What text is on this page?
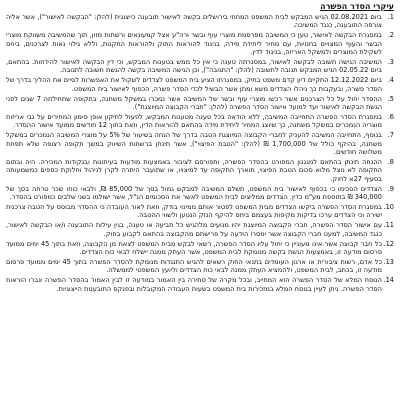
עיקרי הסדר הפשרה
1.
ביום 02.08.2021 הגיש המבקש לבית המשפט המחוזי בירושלים בקשה לאישור תובענה כייצוגית (להלן: "הבקשה לאישור"), אשר אליה צורפה התובענה, כנגד המשיבה.
2.
במסגרת הבקשה לאישור, טען כי המשיבה מפרסמת מוצרי עוף ובשר ורה"ע אצל קמעונאים ורשתות מזון, תוך שהמשיבה משווקת מוצרי הבשר והעוף המצויים בחנויות, עם מחיר ליחידת מידה, בניגוד להוראות החוק ולהוראות התקנות, וללא גילוי נאות לצרכנים, ביחס לשקילת המוצרים ולמשקל האריזה, בניגוד לדין.
3.
המשיבה הגישה תשובה לבקשה לאישור, במסגרתה טענה כי אין כל ממש בטענות המבקש, וכי דין הבקשה לאישור להידחות. בהתאם, ביום 02.05.22 הגיש המבקש תגובה לתשובה (להלן: "התגובה"), וכן הגישה המשיבה בקשה להגשת תשובה לתגובה.
4.
ביום 12.12.2022 התקיים דיון קדם משפט בתיק, במסגרתו הציע בית המשפט לצדדים לשקול את האפשרות לסיים את ההליך בדרך של הסדר פשרה, ובעקבות כך ניהלו הצדדים משא ומתן אשר הבשיל לכדי הסדר פשרה, הכפוף לאישור בית המשפט.
5.
ההסדר יחול על כל הצרכנים אשר רכשו מוצרי עוף ובשר של המשיבה אשר נמכרו במשקל משתנה, בתקופה שתחילתה 7 שנים לפני הגשת הבקשה לאישור ועד למועד אישור הסדר הפשרה (להלן: "חברי הקבוצה המיוצגת").
6.
במסגרת הסדר הפשרה התחייבה המשיבה, ללא הודאה בכל טענה מטענות המבקש, לפעול לתיקון אופן סימון המחירים על גבי אריזות מוצריה הנמכרים במשקל משתנה, כך שיוצג המחיר ליחידת מידה בהתאם להוראות הדין, וזאת בתוך 12 חודשים ממועד אישור ההסדר.
7.
בנוסף, התחייבה המשיבה להעניק לחברי הקבוצה המיוצגת הטבה בדרך של הנחה בשיעור של 5% על מוצרי המשיבה הנמכרים במשקל משתנה, בהיקף כולל של 1,700,000 ₪ (להלן: "הטבת הפיצוי"), אשר תינתן ברשתות השיווק במשך תקופה רצופה שלא תפחת משלושה חודשים.
8.
ההנחה תינתן בהתאם למנגנון המפורט בהסדר הפשרה, ותפורסם לציבור באמצעות מודעות בעיתונות ובנקודות המכירה. היה ובתום התקופה לא נוצל מלוא סכום הטבת הפיצוי, תוארך התקופה עד למיצויו, או שתועבר היתרה לקרן לניהול וחלוקת כספים כמשמעותה בסעיף 27א לחוק.
9.
הצדדים הסכימו כי בכפוף לאישור בית המשפט, תשלם המשיבה למבקש גמול בסך של 85,000 ₪, ולבאי כוחו שכר טרחה בסך של 340,000 ₪ בתוספת מע"מ כדין. הצדדים ממליצים לבית המשפט לאשר את הסכומים הנ"ל, אשר ישולמו בשני שלבים כמפורט בהסדר.
10.
במסגרת הסדר הפשרה ביקשו הצדדים מבית המשפט לפטור אותם ממינוי בודק, וזאת לאור העובדה כי ההסדר מבוסס על הטבה צרכנית ישירה וכי הצדדים ערכו בדיקות מקיפות בעצמם ביחס להיקף הנזק הנטען ולשווי ההטבה.
11.
עם אישור הסדר הפשרה, חברי הקבוצה המיוצגת יהיו מנועים מלהגיש כל תביעה או טענה, בגין עילות התובענה ו/או הבקשה לאישור, כנגד המשיבה, למעט חברי הקבוצה אשר ימסרו הודעה על פרישתם מהקבוצה בהתאם לקבוע בחוק.
12.
כל חבר קבוצה אשר אינו מעוניין כי יחול עליו הסדר הפשרה, רשאי לבקש מבית המשפט לצאת מן הקבוצה, וזאת בתוך 45 ימים ממועד פרסום מודעה זו, באמצעות הגשת בקשה מנומקת לבית המשפט, אשר העתק ממנה יישלח לבאי כוח הצדדים.
13.
כל אדם, רשות ציבורית או ארגון העומדים בתנאי החוק רשאים להגיש התנגדות מנומקת להסדר הפשרה בתוך 45 ימים ממועד פרסום מודעה זו, בכתב, לבית המשפט, ולהמציא העתק ממנה לבאי כוח הצדדים וליועץ המשפטי לממשלה.
14.
הנוסח המלא של הסדר הפשרה הוא המחייב, ובכל מקרה של סתירה בין האמור במודעה זו לבין האמור בהסדר הפשרה יגברו הוראות הסדר הפשרה. ניתן לעיין בנוסח המלא במזכירות בית המשפט בשעות העבודה המקובלות ובפנקס התובענות הייצוגיות.
